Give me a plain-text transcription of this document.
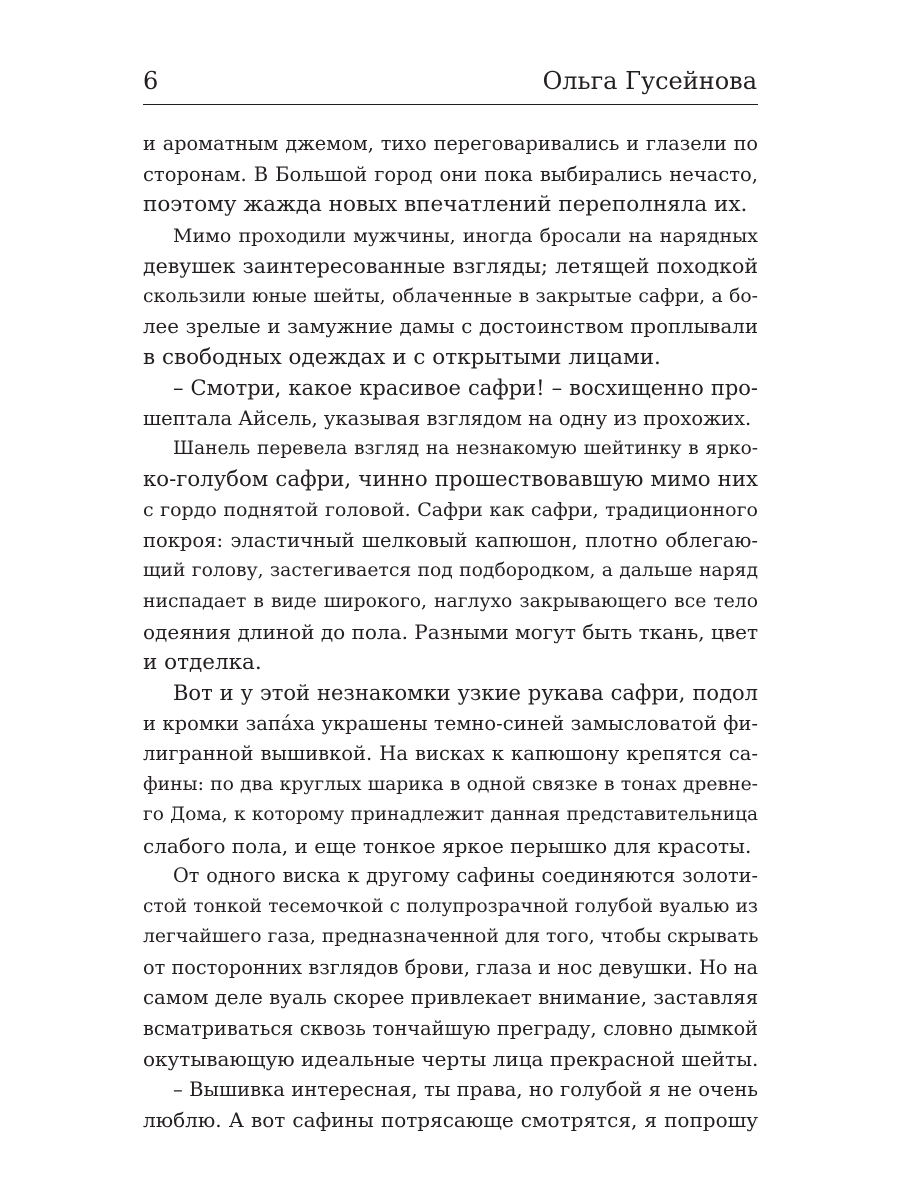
6	Ольга Гусейнова
и ароматным джемом, тихо переговаривались и глазели по
сторонам. В Большой город они пока выбирались нечасто,
поэтому жажда новых впечатлений переполняла их.
Мимо проходили мужчины, иногда бросали на нарядных
девушек заинтересованные взгляды; летящей походкой
скользили юные шейты, облаченные в закрытые сафри, а бо-
лее зрелые и замужние дамы с достоинством проплывали
в свободных одеждах и с открытыми лицами.
– Смотри, какое красивое сафри! – восхищенно про-
шептала Айсель, указывая взглядом на одну из прохожих.
Шанель перевела взгляд на незнакомую шейтинку в ярко-
ко-голубом сафри, чинно прошествовавшую мимо них
с гордо поднятой головой. Сафри как сафри, традиционного
покроя: эластичный шелковый капюшон, плотно облегаю-
щий голову, застегивается под подбородком, а дальше наряд
ниспадает в виде широкого, наглухо закрывающего все тело
одеяния длиной до пола. Разными могут быть ткань, цвет
и отделка.
Вот и у этой незнакомки узкие рукава сафри, подол
и кромки запáха украшены темно-синей замысловатой фи-
лигранной вышивкой. На висках к капюшону крепятся са-
фины: по два круглых шарика в одной связке в тонах древне-
го Дома, к которому принадлежит данная представительница
слабого пола, и еще тонкое яркое перышко для красоты.
От одного виска к другому сафины соединяются золоти-
стой тонкой тесемочкой с полупрозрачной голубой вуалью из
легчайшего газа, предназначенной для того, чтобы скрывать
от посторонних взглядов брови, глаза и нос девушки. Но на
самом деле вуаль скорее привлекает внимание, заставляя
всматриваться сквозь тончайшую преграду, словно дымкой
окутывающую идеальные черты лица прекрасной шейты.
– Вышивка интересная, ты права, но голубой я не очень
люблю. А вот сафины потрясающе смотрятся, я попрошу
